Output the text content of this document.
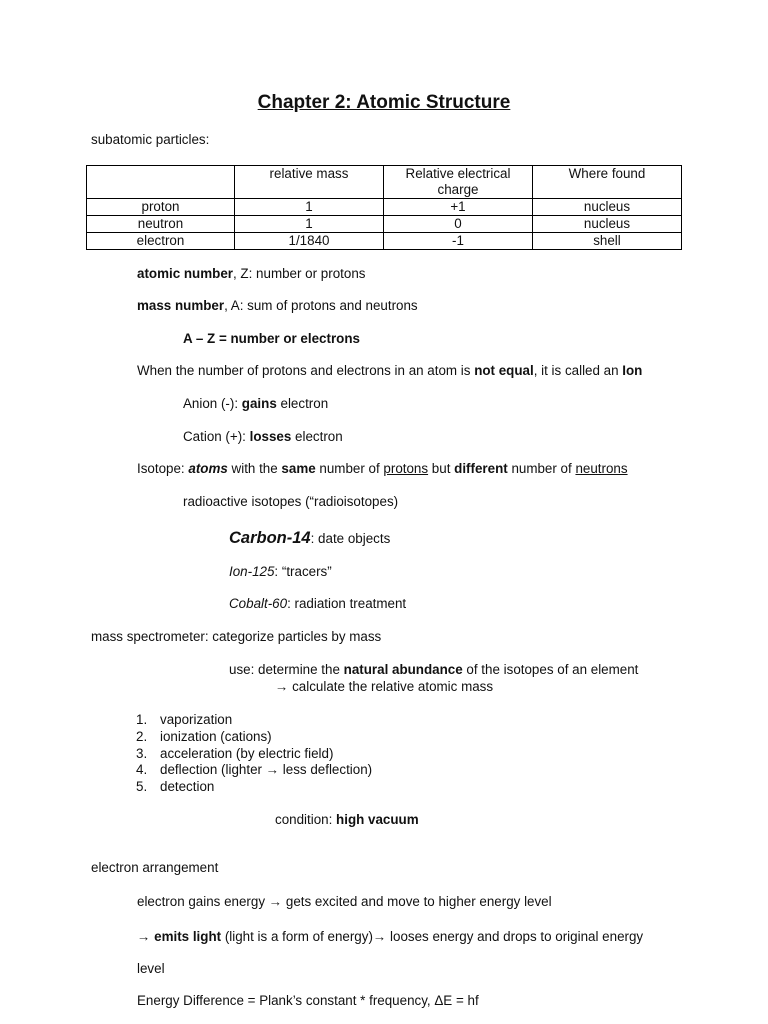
Chapter 2: Atomic Structure
subatomic particles:
	relative mass	Relative electrical charge	Where found
proton	1	+1	nucleus
neutron	1	0	nucleus
electron	1/1840	-1	shell
atomic number, Z: number or protons
mass number, A: sum of protons and neutrons
A – Z = number or electrons
When the number of protons and electrons in an atom is not equal, it is called an Ion
Anion (-): gains electron
Cation (+): losses electron
Isotope: atoms with the same number of protons but different number of neutrons
radioactive isotopes (“radioisotopes)
Carbon-14: date objects
Ion-125: “tracers”
Cobalt-60: radiation treatment
mass spectrometer: categorize particles by mass
use: determine the natural abundance of the isotopes of an element
→ calculate the relative atomic mass
1. vaporization
2. ionization (cations)
3. acceleration (by electric field)
4. deflection (lighter → less deflection)
5. detection
condition: high vacuum
electron arrangement
electron gains energy → gets excited and move to higher energy level
→ emits light (light is a form of energy)→ looses energy and drops to original energy
level
Energy Difference = Plank’s constant * frequency, ΔE = hf
